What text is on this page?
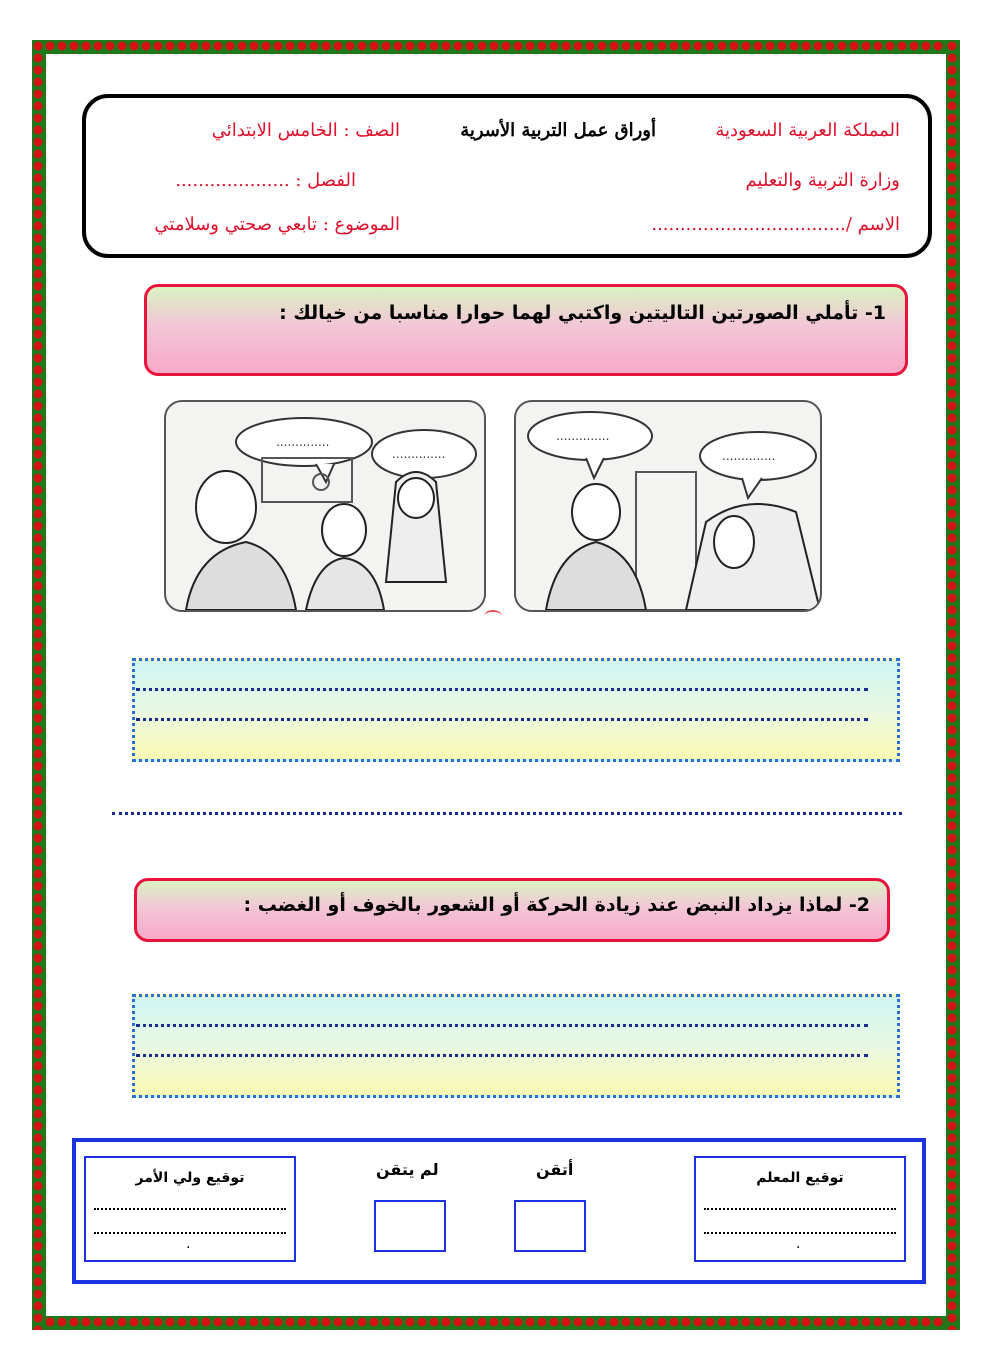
المملكة العربية السعودية
أوراق عمل التربية الأسرية
الصف : الخامس الابتدائي
وزارة التربية والتعليم
الفصل : ....................
الاسم /..................................
الموضوع : تابعي صحتي وسلامتي
1- تأملي الصورتين التاليتين واكتبي لهما حوارا مناسبا من خيالك :
..............
..............
..............
..............
2- لماذا يزداد النبض عند زيادة الحركة أو الشعور بالخوف أو الغضب :
توقيع المعلم
.
أتقن
لم يتقن
توقيع ولي الأمر
.
